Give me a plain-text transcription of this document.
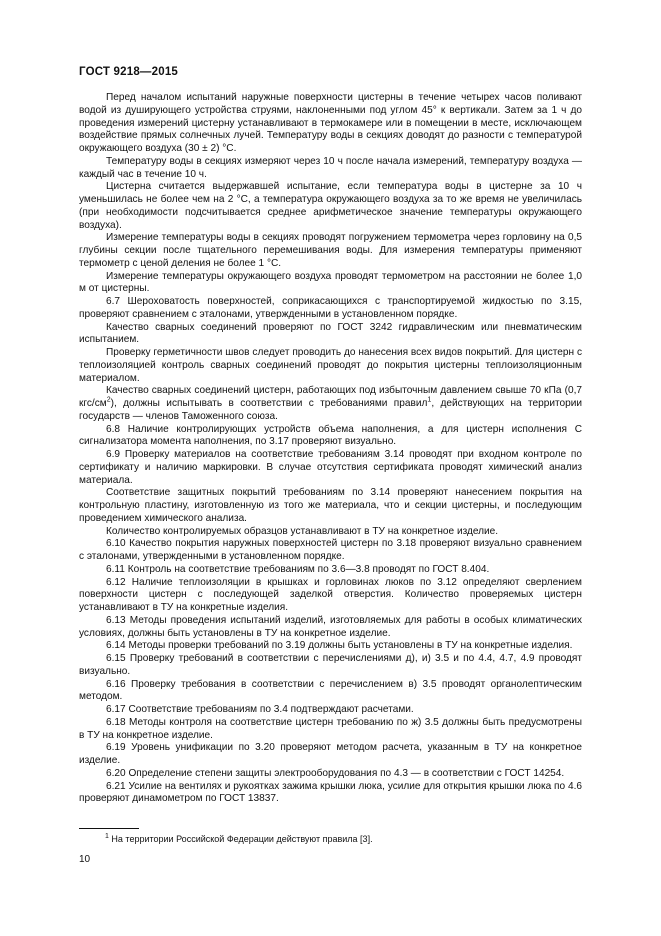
ГОСТ 9218—2015

Перед началом испытаний наружные поверхности цистерны в течение четырех часов поливают водой из душирующего устройства струями, наклоненными под углом 45° к вертикали. Затем за 1 ч до проведения измерений цистерну устанавливают в термокамере или в помещении в месте, исключающем воздействие прямых солнечных лучей. Температуру воды в секциях доводят до разности с температурой окружающего воздуха (30 ± 2) °С.

Температуру воды в секциях измеряют через 10 ч после начала измерений, температуру воздуха — каждый час в течение 10 ч.

Цистерна считается выдержавшей испытание, если температура воды в цистерне за 10 ч уменьшилась не более чем на 2 °С, а температура окружающего воздуха за то же время не увеличилась (при необходимости подсчитывается среднее арифметическое значение температуры окружающего воздуха).

Измерение температуры воды в секциях проводят погружением термометра через горловину на 0,5 глубины секции после тщательного перемешивания воды. Для измерения температуры применяют термометр с ценой деления не более 1 °С.

Измерение температуры окружающего воздуха проводят термометром на расстоянии не более 1,0 м от цистерны.

6.7 Шероховатость поверхностей, соприкасающихся с транспортируемой жидкостью по 3.15, проверяют сравнением с эталонами, утвержденными в установленном порядке.

Качество сварных соединений проверяют по ГОСТ 3242 гидравлическим или пневматическим испытанием.

Проверку герметичности швов следует проводить до нанесения всех видов покрытий. Для цистерн с теплоизоляцией контроль сварных соединений проводят до покрытия цистерны теплоизоляционным материалом.

Качество сварных соединений цистерн, работающих под избыточным давлением свыше 70 кПа (0,7 кгс/$см^2$), должны испытывать в соответствии с требованиями правил$^1$, действующих на территории государств — членов Таможенного союза.

6.8 Наличие контролирующих устройств объема наполнения, а для цистерн исполнения С сигнализатора момента наполнения, по 3.17 проверяют визуально.

6.9 Проверку материалов на соответствие требованиям 3.14 проводят при входном контроле по сертификату и наличию маркировки. В случае отсутствия сертификата проводят химический анализ материала.

Соответствие защитных покрытий требованиям по 3.14 проверяют нанесением покрытия на контрольную пластину, изготовленную из того же материала, что и секции цистерны, и последующим проведением химического анализа.

Количество контролируемых образцов устанавливают в ТУ на конкретное изделие.

6.10 Качество покрытия наружных поверхностей цистерн по 3.18 проверяют визуально сравнением с эталонами, утвержденными в установленном порядке.

6.11 Контроль на соответствие требованиям по 3.6—3.8 проводят по ГОСТ 8.404.

6.12 Наличие теплоизоляции в крышках и горловинах люков по 3.12 определяют сверлением поверхности цистерн с последующей заделкой отверстия. Количество проверяемых цистерн устанавливают в ТУ на конкретные изделия.

6.13 Методы проведения испытаний изделий, изготовляемых для работы в особых климатических условиях, должны быть установлены в ТУ на конкретное изделие.

6.14 Методы проверки требований по 3.19 должны быть установлены в ТУ на конкретные изделия.

6.15 Проверку требований в соответствии с перечислениями д), и) 3.5 и по 4.4, 4.7, 4.9 проводят визуально.

6.16 Проверку требования в соответствии с перечислением в) 3.5 проводят органолептическим методом.

6.17 Соответствие требованиям по 3.4 подтверждают расчетами.

6.18 Методы контроля на соответствие цистерн требованию по ж) 3.5 должны быть предусмотрены в ТУ на конкретное изделие.

6.19 Уровень унификации по 3.20 проверяют методом расчета, указанным в ТУ на конкретное изделие.

6.20 Определение степени защиты электрооборудования по 4.3 — в соответствии с ГОСТ 14254.

6.21 Усилие на вентилях и рукоятках зажима крышки люка, усилие для открытия крышки люка по 4.6 проверяют динамометром по ГОСТ 13837.

$^1$ На территории Российской Федерации действуют правила [3].
10
